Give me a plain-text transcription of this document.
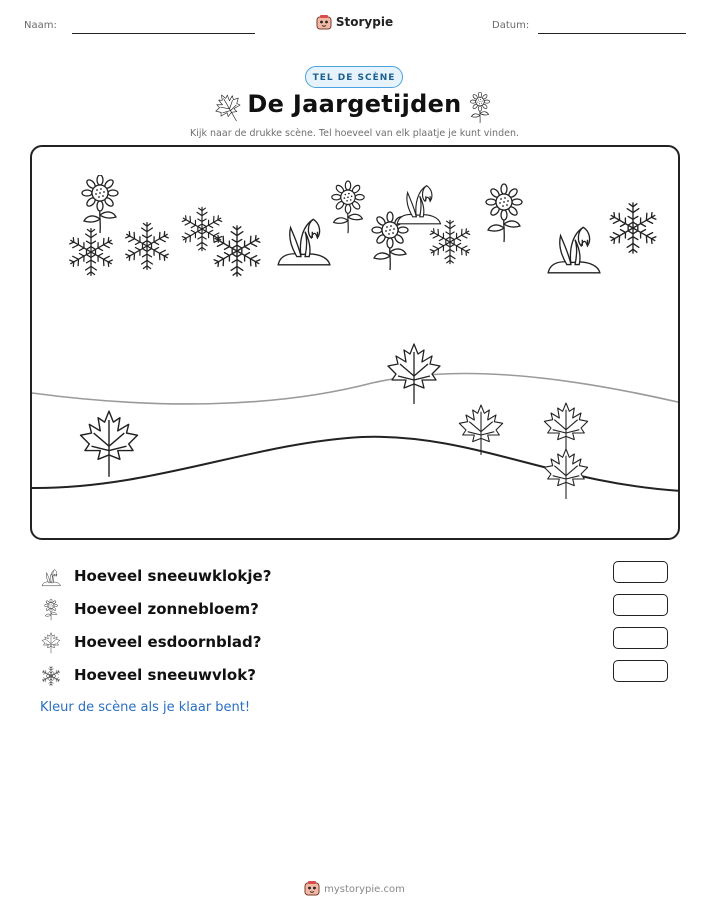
Naam:	Storypie	Datum:
TEL DE SCÈNE
De Jaargetijden
Kijk naar de drukke scène. Tel hoeveel van elk plaatje je kunt vinden.
Hoeveel sneeuwklokje?
Hoeveel zonnebloem?
Hoeveel esdoornblad?
Hoeveel sneeuwvlok?
Kleur de scène als je klaar bent!
mystorypie.com
